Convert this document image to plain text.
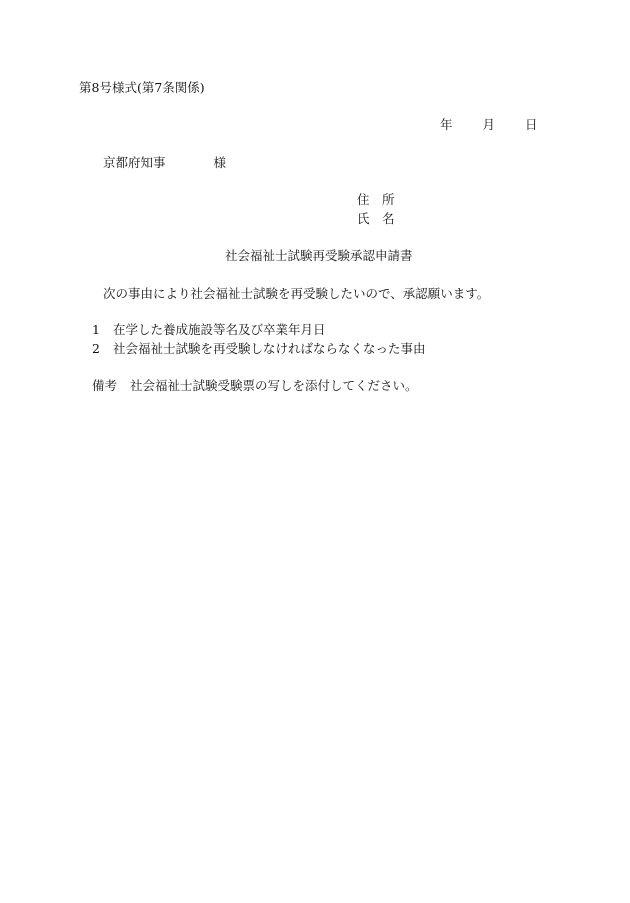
第8号様式(第7条関係)
年 月 日
京都府知事	様
住　所
氏　名
社会福祉士試験再受験承認申請書
次の事由により社会福祉士試験を再受験したいので、承認願います。
1 在学した養成施設等名及び卒業年月日
2 社会福祉士試験を再受験しなければならなくなった事由
備考 社会福祉士試験受験票の写しを添付してください。
